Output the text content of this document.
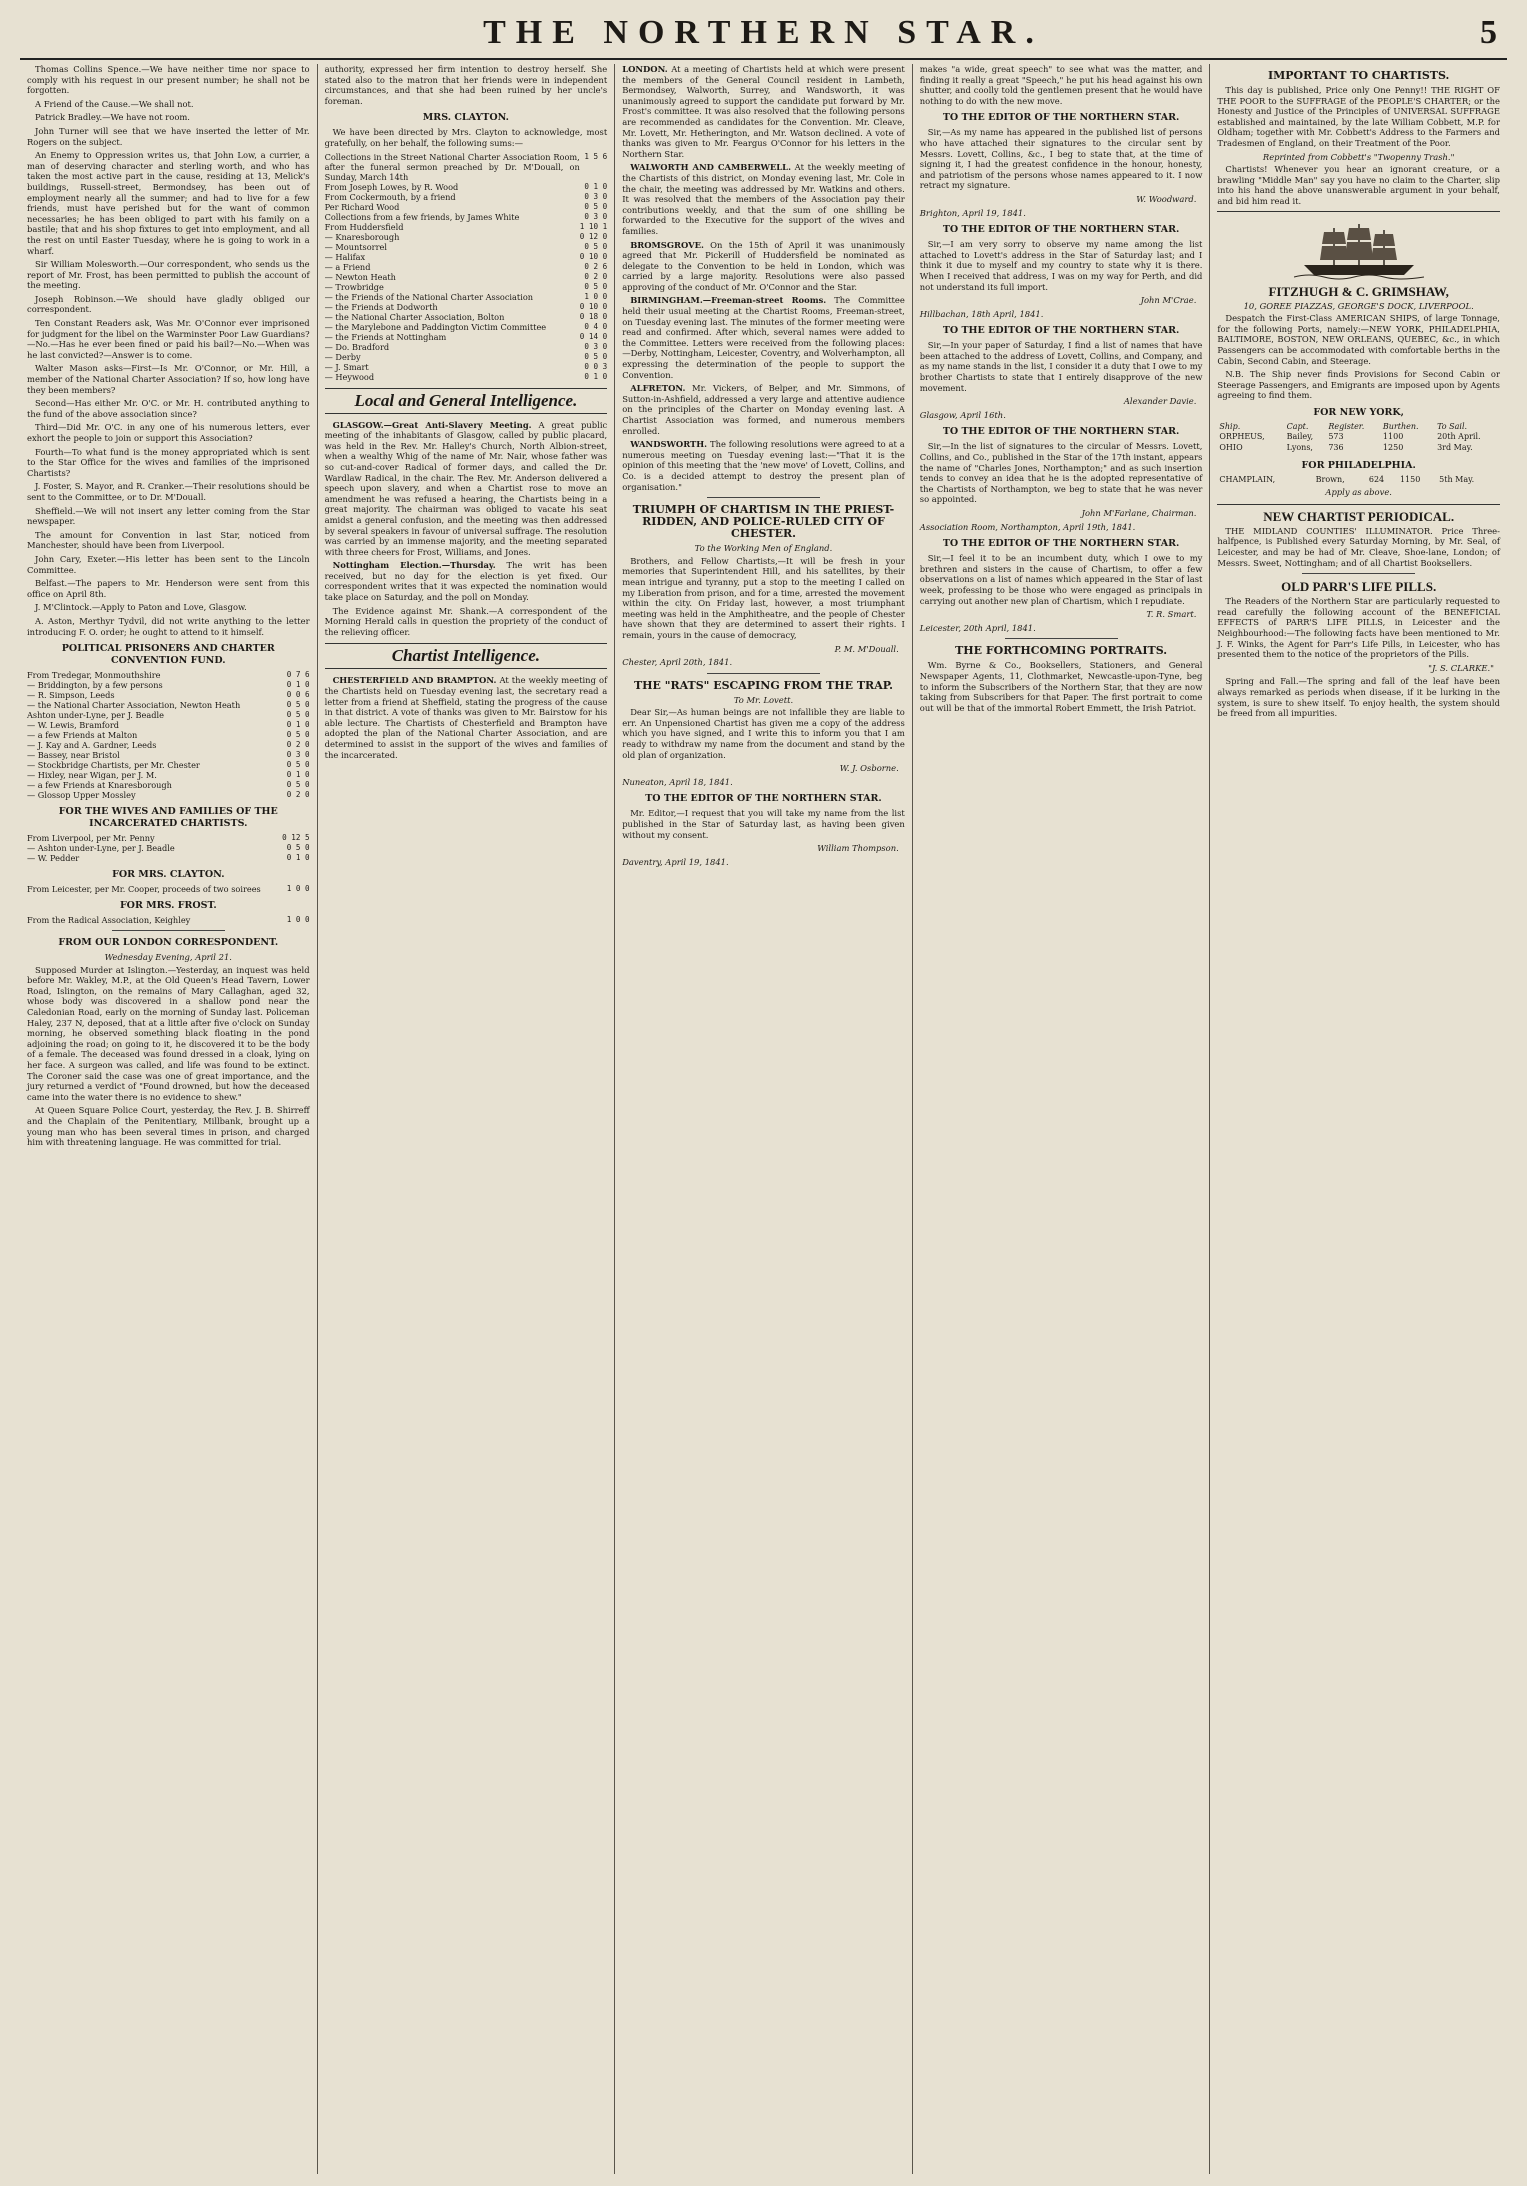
THE NORTHERN STAR.	5

Thomas Collins Spence.—We have neither time nor space to comply with his request in our present number; he shall not be forgotten.

A Friend of the Cause.—We shall not.

Patrick Bradley.—We have not room.

John Turner will see that we have inserted the letter of Mr. Rogers on the subject.

An Enemy to Oppression writes us, that John Low, a currier, a man of deserving character and sterling worth, and who has taken the most active part in the cause, residing at 13, Melick's buildings, Russell-street, Bermondsey, has been out of employment nearly all the summer; and had to live for a few friends, must have perished but for the want of common necessaries; he has been obliged to part with his family on a bastile; that and his shop fixtures to get into employment, and all the rest on until Easter Tuesday, where he is going to work in a wharf.

Sir William Molesworth.—Our correspondent, who sends us the report of Mr. Frost, has been permitted to publish the account of the meeting.

Joseph Robinson.—We should have gladly obliged our correspondent.

Ten Constant Readers ask, Was Mr. O'Connor ever imprisoned for judgment for the libel on the Warminster Poor Law Guardians?—No.—Has he ever been fined or paid his bail?—No.—When was he last convicted?—Answer is to come.

Walter Mason asks—First—Is Mr. O'Connor, or Mr. Hill, a member of the National Charter Association? If so, how long have they been members?

Second—Has either Mr. O'C. or Mr. H. contributed anything to the fund of the above association since?

Third—Did Mr. O'C. in any one of his numerous letters, ever exhort the people to join or support this Association?

Fourth—To what fund is the money appropriated which is sent to the Star Office for the wives and families of the imprisoned Chartists?

J. Foster, S. Mayor, and R. Cranker.—Their resolutions should be sent to the Committee, or to Dr. M'Douall.

Sheffield.—We will not insert any letter coming from the Star newspaper.

The amount for Convention in last Star, noticed from Manchester, should have been from Liverpool.

John Cary, Exeter.—His letter has been sent to the Lincoln Committee.

Belfast.—The papers to Mr. Henderson were sent from this office on April 8th.

J. M'Clintock.—Apply to Paton and Love, Glasgow.

A. Aston, Merthyr Tydvil, did not write anything to the letter introducing F. O. order; he ought to attend to it himself.

POLITICAL PRISONERS AND CHARTER CONVENTION FUND.
From Tredegar, Monmouthshire	0 7 6
— Briddington, by a few persons	0 1 0
— R. Simpson, Leeds	0 0 6
— the National Charter Association, Newton Heath	0 5 0
Ashton under-Lyne, per J. Beadle	0 5 0
— W. Lewis, Bramford	0 1 0
— a few Friends at Malton	0 5 0
— J. Kay and A. Gardner, Leeds	0 2 0
— Bassey, near Bristol	0 3 0
— Stockbridge Chartists, per Mr. Chester	0 5 0
— Hixley, near Wigan, per J. M.	0 1 0
— a few Friends at Knaresborough	0 5 0
— Glossop Upper Mossley	0 2 0
FOR THE WIVES AND FAMILIES OF THE INCARCERATED CHARTISTS.
From Liverpool, per Mr. Penny	0 12 5
— Ashton under-Lyne, per J. Beadle	0 5 0
— W. Pedder	0 1 0
FOR MRS. CLAYTON.
From Leicester, per Mr. Cooper, proceeds of two soirees	1 0 0
FOR MRS. FROST.
From the Radical Association, Keighley	1 0 0
FROM OUR LONDON CORRESPONDENT.
Wednesday Evening, April 21.

Supposed Murder at Islington.—Yesterday, an inquest was held before Mr. Wakley, M.P., at the Old Queen's Head Tavern, Lower Road, Islington, on the remains of Mary Callaghan, aged 32, whose body was discovered in a shallow pond near the Caledonian Road, early on the morning of Sunday last. Policeman Haley, 237 N, deposed, that at a little after five o'clock on Sunday morning, he observed something black floating in the pond adjoining the road; on going to it, he discovered it to be the body of a female. The deceased was found dressed in a cloak, lying on her face. A surgeon was called, and life was found to be extinct. The Coroner said the case was one of great importance, and the jury returned a verdict of "Found drowned, but how the deceased came into the water there is no evidence to shew."

At Queen Square Police Court, yesterday, the Rev. J. B. Shirreff and the Chaplain of the Penitentiary, Millbank, brought up a young man who has been several times in prison, and charged him with threatening language. He was committed for trial.

authority, expressed her firm intention to destroy herself. She stated also to the matron that her friends were in independent circumstances, and that she had been ruined by her uncle's foreman.

MRS. CLAYTON.

We have been directed by Mrs. Clayton to acknowledge, most gratefully, on her behalf, the following sums:—

Collections in the Street National Charter Association Room, after the funeral sermon preached by Dr. M'Douall, on Sunday, March 14th	1 5 6
From Joseph Lowes, by R. Wood	0 1 0
From Cockermouth, by a friend	0 3 0
Per Richard Wood	0 5 0
Collections from a few friends, by James White	0 3 0
From Huddersfield	1 10 1
— Knaresborough	0 12 0
— Mountsorrel	0 5 0
— Halifax	0 10 0
— a Friend	0 2 6
— Newton Heath	0 2 0
— Trowbridge	0 5 0
— the Friends of the National Charter Association	1 0 0
— the Friends at Dodworth	0 10 0
— the National Charter Association, Bolton	0 18 0
— the Marylebone and Paddington Victim Committee	0 4 0
— the Friends at Nottingham	0 14 0
— Do. Bradford	0 3 0
— Derby	0 5 0
— J. Smart	0 0 3
— Heywood	0 1 0
Local and General Intelligence.

GLASGOW.—Great Anti-Slavery Meeting. A great public meeting of the inhabitants of Glasgow, called by public placard, was held in the Rev. Mr. Halley's Church, North Albion-street, when a wealthy Whig of the name of Mr. Nair, whose father was so cut-and-cover Radical of former days, and called the Dr. Wardlaw Radical, in the chair. The Rev. Mr. Anderson delivered a speech upon slavery, and when a Chartist rose to move an amendment he was refused a hearing, the Chartists being in a great majority. The chairman was obliged to vacate his seat amidst a general confusion, and the meeting was then addressed by several speakers in favour of universal suffrage. The resolution was carried by an immense majority, and the meeting separated with three cheers for Frost, Williams, and Jones.

Nottingham Election.—Thursday. The writ has been received, but no day for the election is yet fixed. Our correspondent writes that it was expected the nomination would take place on Saturday, and the poll on Monday.

The Evidence against Mr. Shank.—A correspondent of the Morning Herald calls in question the propriety of the conduct of the relieving officer.

Chartist Intelligence.

CHESTERFIELD AND BRAMPTON. At the weekly meeting of the Chartists held on Tuesday evening last, the secretary read a letter from a friend at Sheffield, stating the progress of the cause in that district. A vote of thanks was given to Mr. Bairstow for his able lecture. The Chartists of Chesterfield and Brampton have adopted the plan of the National Charter Association, and are determined to assist in the support of the wives and families of the incarcerated.

LONDON. At a meeting of Chartists held at which were present the members of the General Council resident in Lambeth, Bermondsey, Walworth, Surrey, and Wandsworth, it was unanimously agreed to support the candidate put forward by Mr. Frost's committee. It was also resolved that the following persons are recommended as candidates for the Convention. Mr. Cleave, Mr. Lovett, Mr. Hetherington, and Mr. Watson declined. A vote of thanks was given to Mr. Feargus O'Connor for his letters in the Northern Star.

WALWORTH AND CAMBERWELL. At the weekly meeting of the Chartists of this district, on Monday evening last, Mr. Cole in the chair, the meeting was addressed by Mr. Watkins and others. It was resolved that the members of the Association pay their contributions weekly, and that the sum of one shilling be forwarded to the Executive for the support of the wives and families.

BROMSGROVE. On the 15th of April it was unanimously agreed that Mr. Pickerill of Huddersfield be nominated as delegate to the Convention to be held in London, which was carried by a large majority. Resolutions were also passed approving of the conduct of Mr. O'Connor and the Star.

BIRMINGHAM.—Freeman-street Rooms. The Committee held their usual meeting at the Chartist Rooms, Freeman-street, on Tuesday evening last. The minutes of the former meeting were read and confirmed. After which, several names were added to the Committee. Letters were received from the following places:—Derby, Nottingham, Leicester, Coventry, and Wolverhampton, all expressing the determination of the people to support the Convention.

ALFRETON. Mr. Vickers, of Belper, and Mr. Simmons, of Sutton-in-Ashfield, addressed a very large and attentive audience on the principles of the Charter on Monday evening last. A Chartist Association was formed, and numerous members enrolled.

WANDSWORTH. The following resolutions were agreed to at a numerous meeting on Tuesday evening last:—"That it is the opinion of this meeting that the 'new move' of Lovett, Collins, and Co. is a decided attempt to destroy the present plan of organisation."

TRIUMPH OF CHARTISM IN THE PRIEST-RIDDEN, AND POLICE-RULED CITY OF CHESTER.
To the Working Men of England.

Brothers, and Fellow Chartists,—It will be fresh in your memories that Superintendent Hill, and his satellites, by their mean intrigue and tyranny, put a stop to the meeting I called on my Liberation from prison, and for a time, arrested the movement within the city. On Friday last, however, a most triumphant meeting was held in the Amphitheatre, and the people of Chester have shown that they are determined to assert their rights. I remain, yours in the cause of democracy,

P. M. M'Douall.
Chester, April 20th, 1841.
THE "RATS" ESCAPING FROM THE TRAP.
To Mr. Lovett.

Dear Sir,—As human beings are not infallible they are liable to err. An Unpensioned Chartist has given me a copy of the address which you have signed, and I write this to inform you that I am ready to withdraw my name from the document and stand by the old plan of organization.

W. J. Osborne.
Nuneaton, April 18, 1841.
TO THE EDITOR OF THE NORTHERN STAR.

Mr. Editor,—I request that you will take my name from the list published in the Star of Saturday last, as having been given without my consent.

William Thompson.
Daventry, April 19, 1841.

makes "a wide, great speech" to see what was the matter, and finding it really a great "Speech," he put his head against his own shutter, and coolly told the gentlemen present that he would have nothing to do with the new move.

TO THE EDITOR OF THE NORTHERN STAR.

Sir,—As my name has appeared in the published list of persons who have attached their signatures to the circular sent by Messrs. Lovett, Collins, &c., I beg to state that, at the time of signing it, I had the greatest confidence in the honour, honesty, and patriotism of the persons whose names appeared to it. I now retract my signature.

W. Woodward.
Brighton, April 19, 1841.
TO THE EDITOR OF THE NORTHERN STAR.

Sir,—I am very sorry to observe my name among the list attached to Lovett's address in the Star of Saturday last; and I think it due to myself and my country to state why it is there. When I received that address, I was on my way for Perth, and did not understand its full import.

John M'Crae.
Hillbachan, 18th April, 1841.
TO THE EDITOR OF THE NORTHERN STAR.

Sir,—In your paper of Saturday, I find a list of names that have been attached to the address of Lovett, Collins, and Company, and as my name stands in the list, I consider it a duty that I owe to my brother Chartists to state that I entirely disapprove of the new movement.

Alexander Davie.
Glasgow, April 16th.
TO THE EDITOR OF THE NORTHERN STAR.

Sir,—In the list of signatures to the circular of Messrs. Lovett, Collins, and Co., published in the Star of the 17th instant, appears the name of "Charles Jones, Northampton;" and as such insertion tends to convey an idea that he is the adopted representative of the Chartists of Northampton, we beg to state that he was never so appointed.

John M'Farlane, Chairman.
Association Room, Northampton, April 19th, 1841.
TO THE EDITOR OF THE NORTHERN STAR.

Sir,—I feel it to be an incumbent duty, which I owe to my brethren and sisters in the cause of Chartism, to offer a few observations on a list of names which appeared in the Star of last week, professing to be those who were engaged as principals in carrying out another new plan of Chartism, which I repudiate.

T. R. Smart.
Leicester, 20th April, 1841.
THE FORTHCOMING PORTRAITS.

Wm. Byrne & Co., Booksellers, Stationers, and General Newspaper Agents, 11, Clothmarket, Newcastle-upon-Tyne, beg to inform the Subscribers of the Northern Star, that they are now taking from Subscribers for that Paper. The first portrait to come out will be that of the immortal Robert Emmett, the Irish Patriot.

IMPORTANT TO CHARTISTS.

This day is published, Price only One Penny!! THE RIGHT OF THE POOR to the SUFFRAGE of the PEOPLE'S CHARTER; or the Honesty and Justice of the Principles of UNIVERSAL SUFFRAGE established and maintained, by the late William Cobbett, M.P. for Oldham; together with Mr. Cobbett's Address to the Farmers and Tradesmen of England, on their Treatment of the Poor.

Reprinted from Cobbett's "Twopenny Trash."

Chartists! Whenever you hear an ignorant creature, or a brawling "Middle Man" say you have no claim to the Charter, slip into his hand the above unanswerable argument in your behalf, and bid him read it.

FITZHUGH & C. GRIMSHAW,
10, GOREE PIAZZAS, GEORGE'S DOCK, LIVERPOOL.

Despatch the First-Class AMERICAN SHIPS, of large Tonnage, for the following Ports, namely:—NEW YORK, PHILADELPHIA, BALTIMORE, BOSTON, NEW ORLEANS, QUEBEC, &c., in which Passengers can be accommodated with comfortable berths in the Cabin, Second Cabin, and Steerage.

N.B. The Ship never finds Provisions for Second Cabin or Steerage Passengers, and Emigrants are imposed upon by Agents agreeing to find them.

FOR NEW YORK,
Ship.	Capt.	Register.	Burthen.	To Sail.
ORPHEUS,	Bailey,	573	1100	20th April.
OHIO	Lyons,	736	1250	3rd May.
FOR PHILADELPHIA.
CHAMPLAIN,	Brown,	624	1150	5th May.
Apply as above.
NEW CHARTIST PERIODICAL.

THE MIDLAND COUNTIES' ILLUMINATOR. Price Three-halfpence, is Published every Saturday Morning, by Mr. Seal, of Leicester, and may be had of Mr. Cleave, Shoe-lane, London; of Messrs. Sweet, Nottingham; and of all Chartist Booksellers.

OLD PARR'S LIFE PILLS.

The Readers of the Northern Star are particularly requested to read carefully the following account of the BENEFICIAL EFFECTS of PARR'S LIFE PILLS, in Leicester and the Neighbourhood:—The following facts have been mentioned to Mr. J. F. Winks, the Agent for Parr's Life Pills, in Leicester, who has presented them to the notice of the proprietors of the Pills.

"J. S. CLARKE."

Spring and Fall.—The spring and fall of the leaf have been always remarked as periods when disease, if it be lurking in the system, is sure to shew itself. To enjoy health, the system should be freed from all impurities.
